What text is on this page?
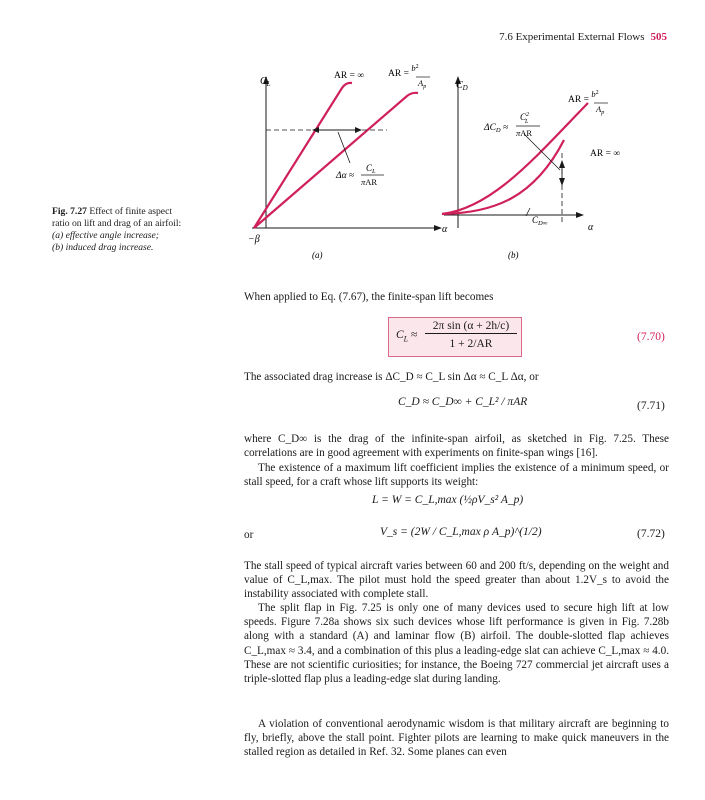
7.6 Experimental External Flows 505
Fig. 7.27 Effect of finite aspect
ratio on lift and drag of an airfoil:
(a) effective angle increase;
(b) induced drag increase.
$C_L$
AR = ∞	AR = $b^2$
$A_p$
Δα ≈
$C_L$
πAR
α
−β
(a)
$C_D$
AR = $b^2$
$A_p$
AR = ∞
$\Delta C_D$ ≈
$C^2$ L
πAR
$C_{D\infty}$	α
(b)
When applied to Eq. (7.67), the finite-span lift becomes
$C_L$ ≈
2π sin (α + 2h/c)
1 + 2/AR
(7.70)
The associated drag increase is ΔC_D ≈ C_L sin Δα ≈ C_L Δα, or
C_D ≈ C_D∞ + C_L² / πAR	(7.71)
where C_D∞ is the drag of the infinite-span airfoil, as sketched in Fig. 7.25. These correlations are in good agreement with experiments on finite-span wings [16].
The existence of a maximum lift coefficient implies the existence of a minimum speed, or stall speed, for a craft whose lift supports its weight:
L = W = C_L,max (½ρV_s² A_p)
or	V_s = (2W / C_L,max ρ A_p)^(1/2)	(7.72)
The stall speed of typical aircraft varies between 60 and 200 ft/s, depending on the weight and value of C_L,max. The pilot must hold the speed greater than about 1.2V_s to avoid the instability associated with complete stall.
The split flap in Fig. 7.25 is only one of many devices used to secure high lift at low speeds. Figure 7.28a shows six such devices whose lift performance is given in Fig. 7.28b along with a standard (A) and laminar flow (B) airfoil. The double-slotted flap achieves C_L,max ≈ 3.4, and a combination of this plus a leading-edge slat can achieve C_L,max ≈ 4.0. These are not scientific curiosities; for instance, the Boeing 727 commercial jet aircraft uses a triple-slotted flap plus a leading-edge slat during landing.
A violation of conventional aerodynamic wisdom is that military aircraft are beginning to fly, briefly, above the stall point. Fighter pilots are learning to make quick maneuvers in the stalled region as detailed in Ref. 32. Some planes can even
